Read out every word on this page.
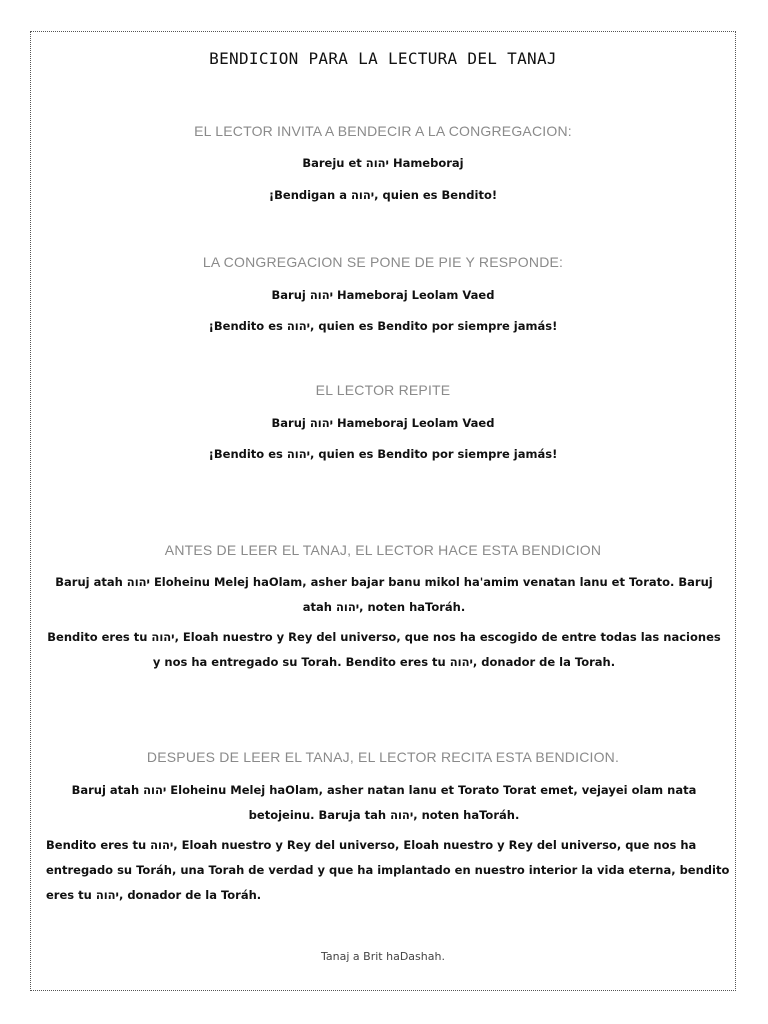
BENDICION PARA LA LECTURA DEL TANAJ
EL LECTOR INVITA A BENDECIR A LA CONGREGACION:
Bareju et יהוה Hameboraj
¡Bendigan a יהוה, quien es Bendito!
LA CONGREGACION SE PONE DE PIE Y RESPONDE:
Baruj יהוה Hameboraj Leolam Vaed
¡Bendito es יהוה, quien es Bendito por siempre jamás!
EL LECTOR REPITE
Baruj יהוה Hameboraj Leolam Vaed
¡Bendito es יהוה, quien es Bendito por siempre jamás!
ANTES DE LEER EL TANAJ, EL LECTOR HACE ESTA BENDICION
Baruj atah יהוה Eloheinu Melej haOlam, asher bajar banu mikol ha'amim venatan lanu et Torato. Baruj atah יהוה, noten haToráh.
Bendito eres tu יהוה, Eloah nuestro y Rey del universo, que nos ha escogido de entre todas las naciones y nos ha entregado su Torah. Bendito eres tu יהוה, donador de la Torah.
DESPUES DE LEER EL TANAJ, EL LECTOR RECITA ESTA BENDICION.
Baruj atah יהוה Eloheinu Melej haOlam, asher natan lanu et Torato Torat emet, vejayei olam nata betojeinu. Baruja tah יהוה, noten haToráh.
Bendito eres tu יהוה, Eloah nuestro y Rey del universo, Eloah nuestro y Rey del universo, que nos ha entregado su Toráh, una Torah de verdad y que ha implantado en nuestro interior la vida eterna, bendito eres tu יהוה, donador de la Toráh.
Tanaj a Brit haDashah.
